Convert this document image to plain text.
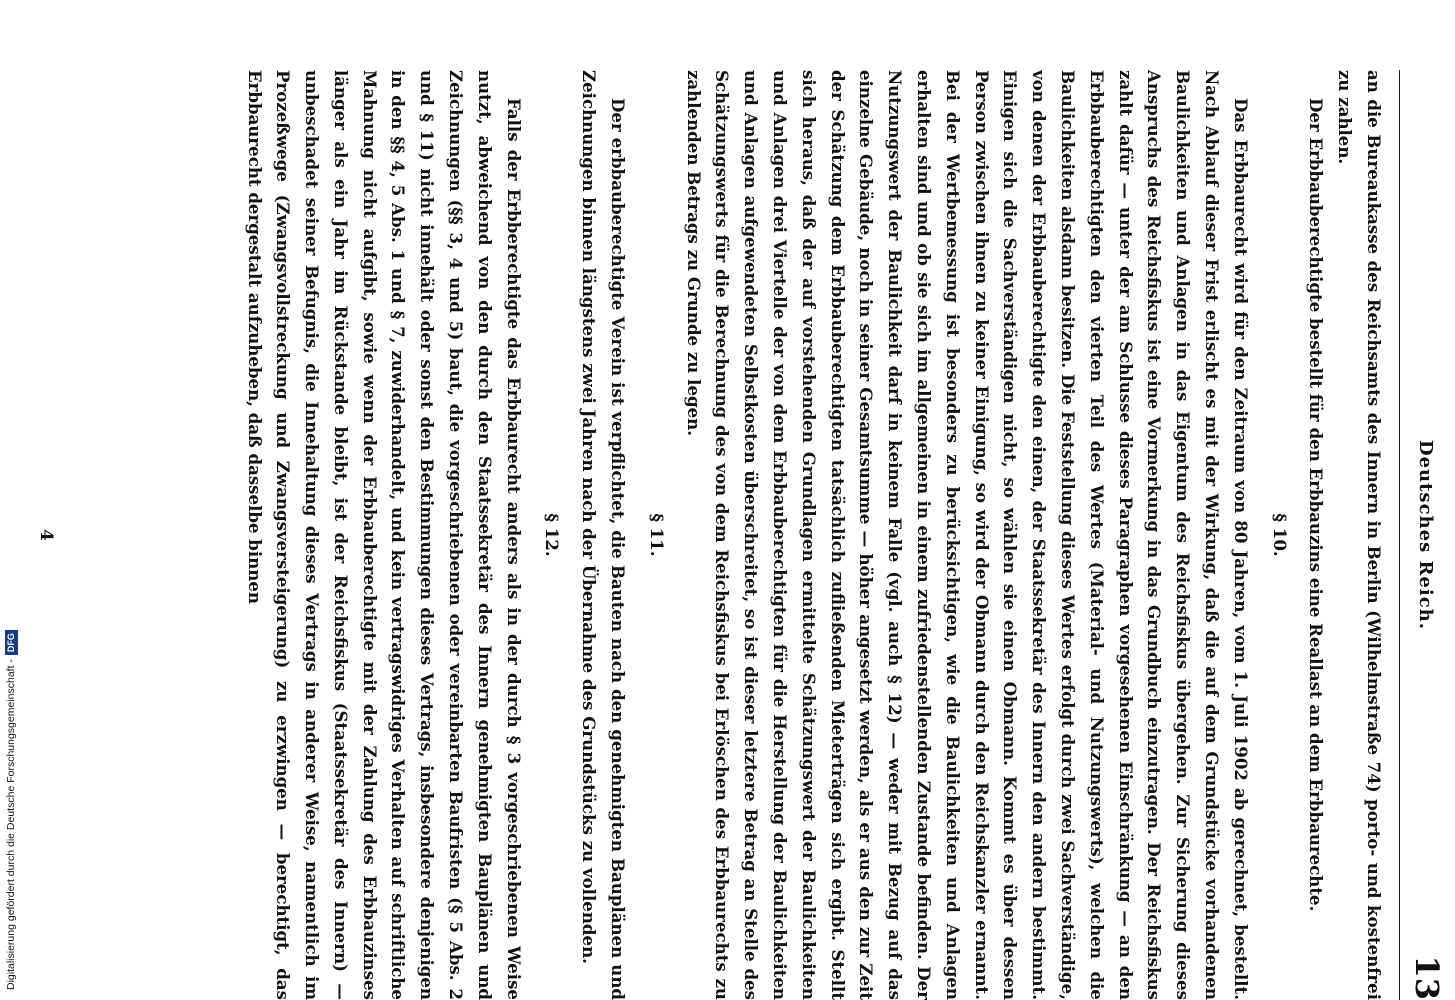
Deutsches Reich.
13

an die Bureaukasse des Reichsamts des Innern in Berlin (Wilhelmstraße 74) porto- und kostenfrei zu zahlen.

Der Erbbauberechtigte bestellt für den Erbbauzins eine Reallast an dem Erbbaurechte.

§ 10.

Das Erbbaurecht wird für den Zeitraum von 80 Jahren, vom 1. Juli 1902 ab gerechnet, bestellt. Nach Ablauf dieser Frist erlischt es mit der Wirkung, daß die auf dem Grundstücke vorhandenen Baulichkeiten und Anlagen in das Eigentum des Reichsfiskus übergehen. Zur Sicherung dieses Anspruchs des Reichsfiskus ist eine Vormerkung in das Grundbuch einzutragen. Der Reichsfiskus zahlt dafür — unter der am Schlusse dieses Paragraphen vorgesehenen Einschränkung — an den Erbbauberechtigten den vierten Teil des Wertes (Material- und Nutzungswerts), welchen die Baulichkeiten alsdann besitzen. Die Feststellung dieses Wertes erfolgt durch zwei Sachverständige, von denen der Erbbauberechtigte den einen, der Staatssekretär des Innern den andern bestimmt. Einigen sich die Sachverständigen nicht, so wählen sie einen Obmann. Kommt es über dessen Person zwischen ihnen zu keiner Einigung, so wird der Obmann durch den Reichskanzler ernannt. Bei der Wertbemessung ist besonders zu berücksichtigen, wie die Baulichkeiten und Anlagen erhalten sind und ob sie sich im allgemeinen in einem zufriedenstellenden Zustande befinden. Der Nutzungswert der Baulichkeit darf in keinem Falle (vgl. auch § 12) — weder mit Bezug auf das einzelne Gebäude, noch in seiner Gesamtsumme — höher angesetzt werden, als er aus den zur Zeit der Schätzung dem Erbbauberechtigten tatsächlich zufließenden Mieterträgen sich ergibt. Stellt sich heraus, daß der auf vorstehenden Grundlagen ermittelte Schätzungswert der Baulichkeiten und Anlagen drei Viertelle der von dem Erbbauberechtigten für die Herstellung der Baulichkeiten und Anlagen aufgewendeten Selbstkosten überschreitet, so ist dieser letztere Betrag an Stelle des Schätzungswerts für die Berechnung des von dem Reichsfiskus bei Erlöschen des Erbbaurechts zu zahlenden Betrags zu Grunde zu legen.

§ 11.

Der erbbauberechtigte Verein ist verpflichtet, die Bauten nach den genehmigten Bauplänen und Zeichnungen binnen längstens zwei Jahren nach der Übernahme des Grundstücks zu vollenden.

§ 12.

Falls der Erbberechtigte das Erbbaurecht anders als in der durch § 3 vorgeschriebenen Weise nutzt, abweichend von den durch den Staatssekretär des Innern genehmigten Bauplänen und Zeichnungen (§§ 3, 4 und 5) baut, die vorgeschriebenen oder vereinbarten Baufristen (§ 5 Abs. 2 und § 11) nicht innehält oder sonst den Bestimmungen dieses Vertrags, insbesondere denjenigen in den §§ 4, 5 Abs. 1 und § 7, zuwiderhandelt, und kein vertragswidriges Verhalten auf schriftliche Mahnung nicht aufgibt, sowie wenn der Erbbauberechtigte mit der Zahlung des Erbbauzinses länger als ein Jahr im Rückstande bleibt, ist der Reichsfiskus (Staatssekretär des Innern) — unbeschadet seiner Befugnis, die Innehaltung dieses Vertrags in anderer Weise, namentlich im Prozeßwege (Zwangsvollstreckung und Zwangsversteigerung) zu erzwingen — berechtigt, das Erbbaurecht dergestalt aufzuheben, daß dasselbe binnen

4
Digitalisierung gefördert durch die Deutsche Forschungsgemeinschaft -
DFG
